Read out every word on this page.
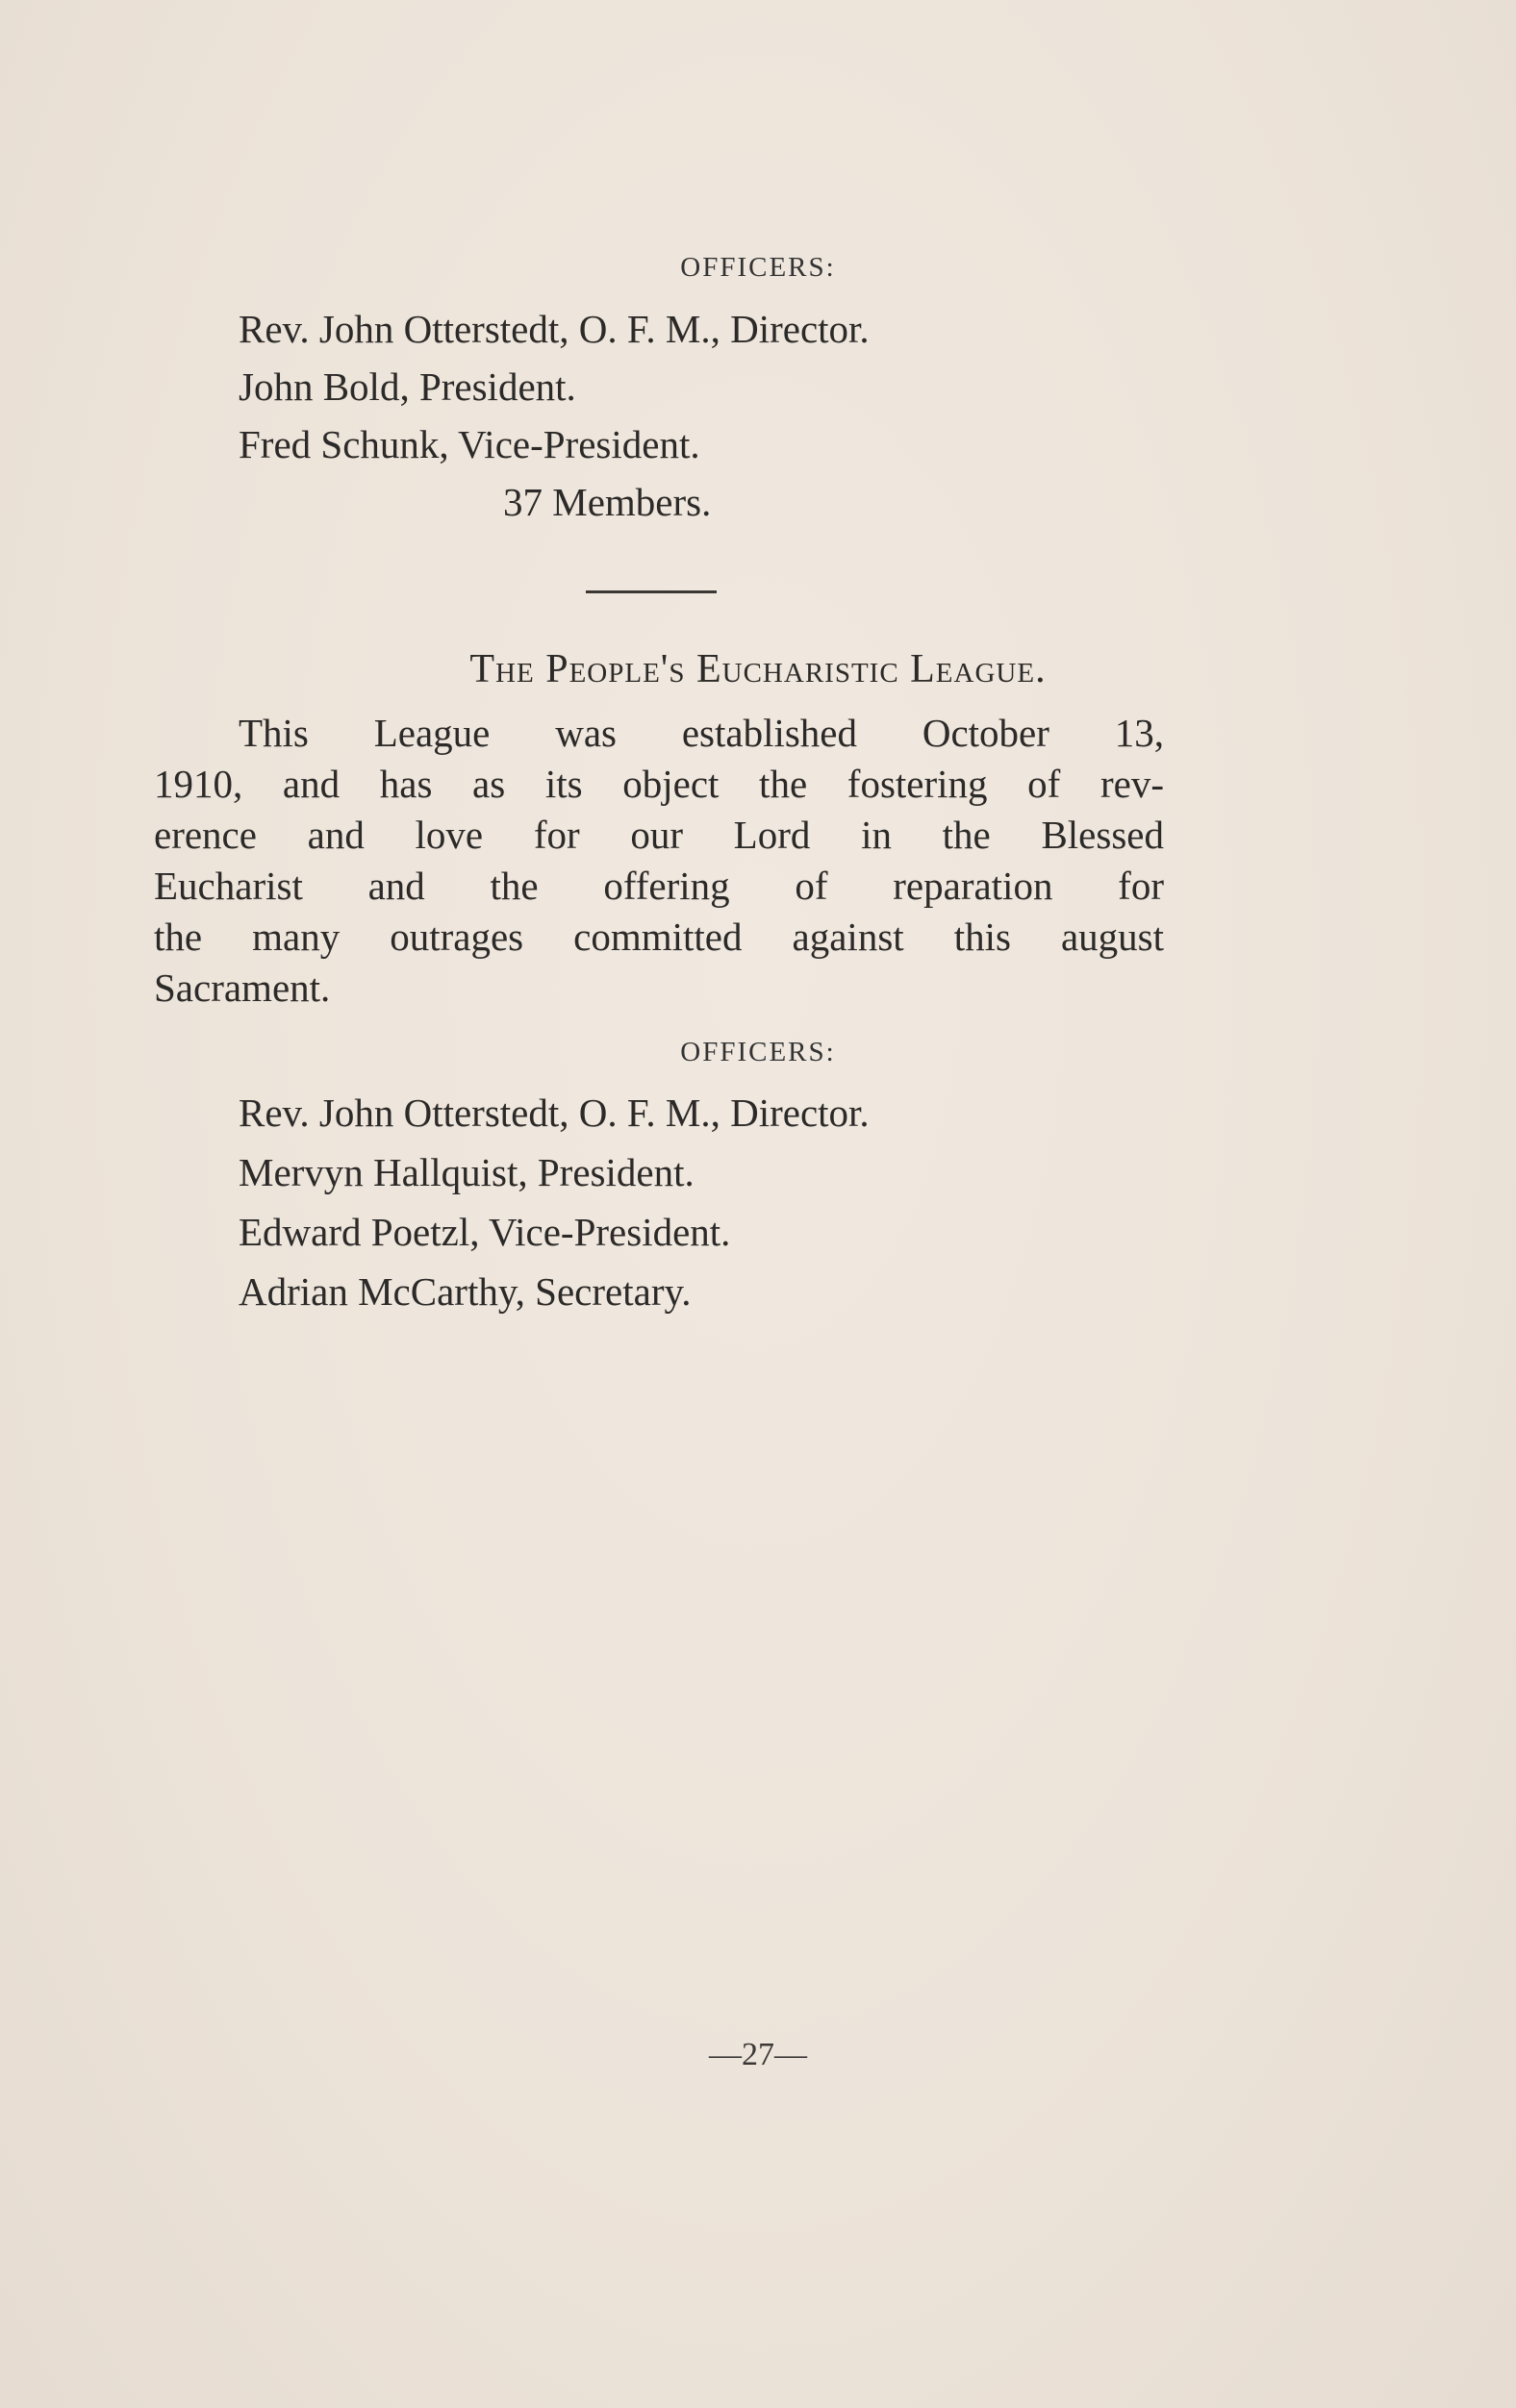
OFFICERS:
Rev. John Otterstedt, O. F. M., Director.
John Bold, President.
Fred Schunk, Vice-President.
37 Members.
The People's Eucharistic League.
This League was established October 13,
1910, and has as its object the fostering of rev-
erence and love for our Lord in the Blessed
Eucharist and the offering of reparation for
the many outrages committed against this august
Sacrament.
OFFICERS:
Rev. John Otterstedt, O. F. M., Director.
Mervyn Hallquist, President.
Edward Poetzl, Vice-President.
Adrian McCarthy, Secretary.
—27—
